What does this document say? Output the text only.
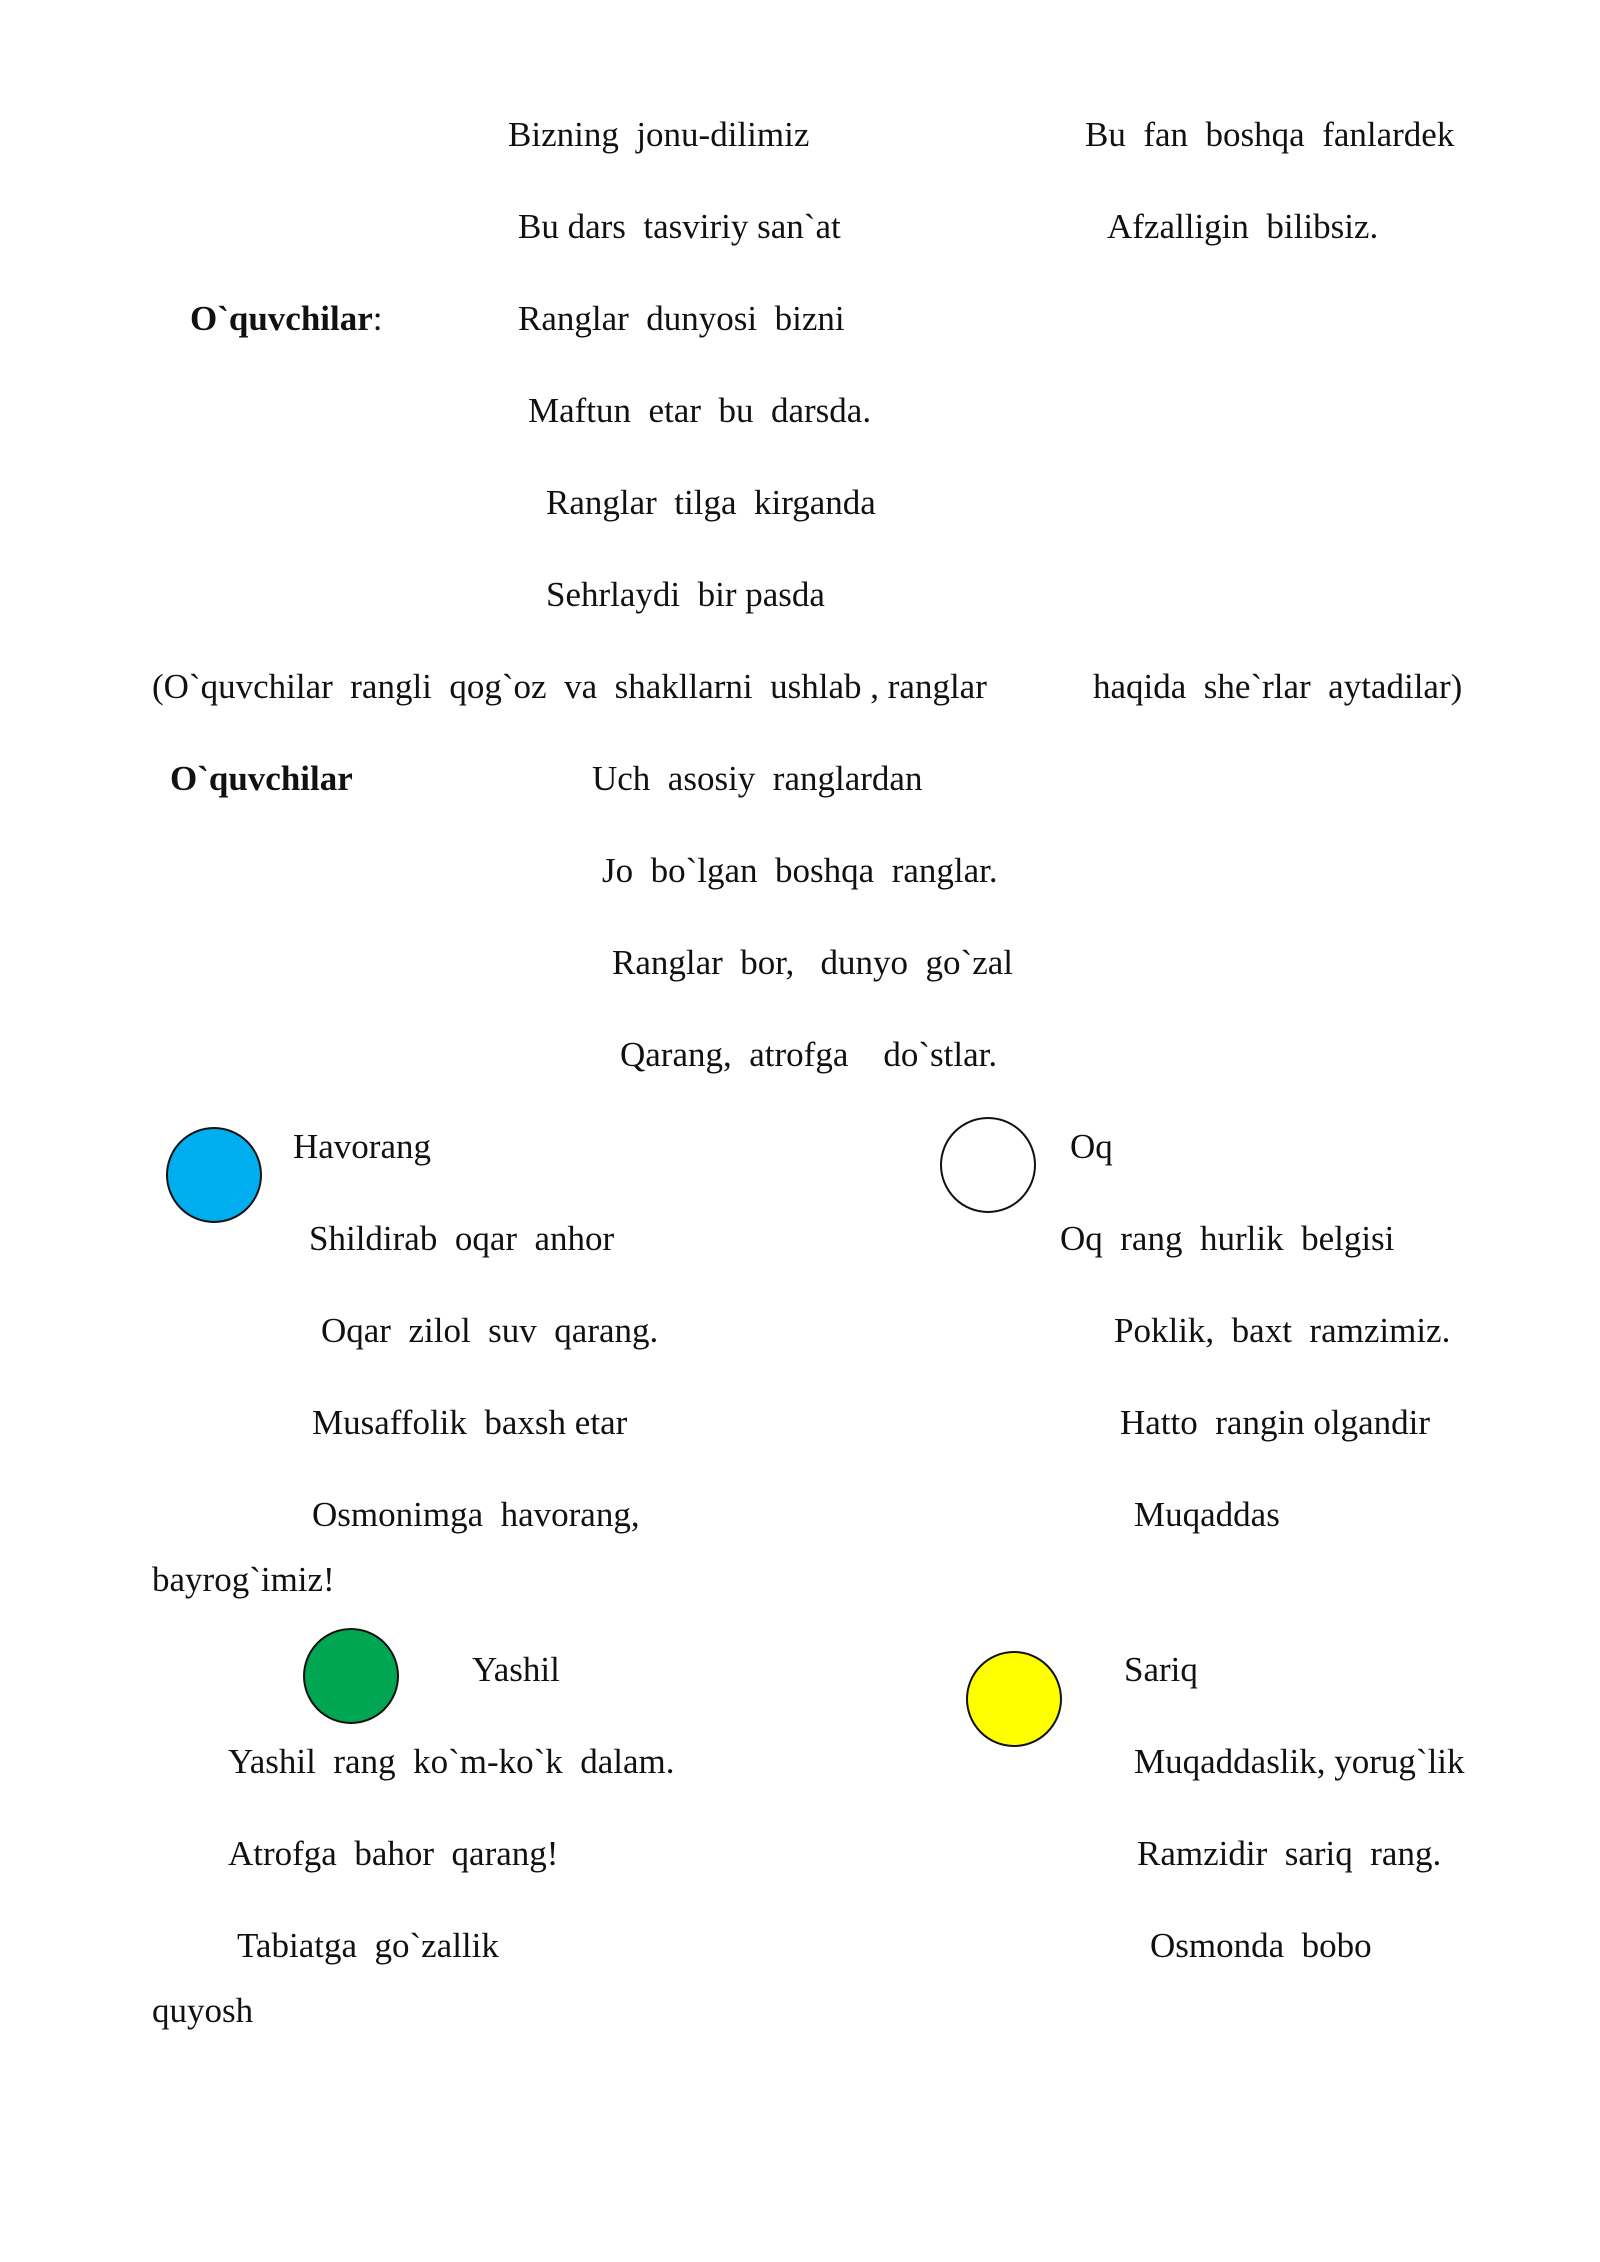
Bizning  jonu-dilimiz	Bu  fan  boshqa  fanlardek
Bu dars  tasviriy san`at	Afzalligin  bilibsiz.
O`quvchilar:	Ranglar  dunyosi  bizni
Maftun  etar  bu  darsda.
Ranglar  tilga  kirganda
Sehrlaydi  bir pasda
(O`quvchilar  rangli  qog`oz  va  shakllarni  ushlab , ranglar	haqida  she`rlar  aytadilar)
O`quvchilar	Uch  asosiy  ranglardan
Jo  bo`lgan  boshqa  ranglar.
Ranglar  bor,   dunyo  go`zal
Qarang,  atrofga    do`stlar.
Havorang
Shildirab  oqar  anhor
Oqar  zilol  suv  qarang.
Musaffolik  baxsh etar
Osmonimga  havorang,
Oq
Oq  rang  hurlik  belgisi
Poklik,  baxt  ramzimiz.
Hatto  rangin olgandir
Muqaddas
bayrog`imiz!
Yashil
Yashil  rang  ko`m-ko`k  dalam.
Atrofga  bahor  qarang!
Tabiatga  go`zallik
Sariq
Muqaddaslik, yorug`lik
Ramzidir  sariq  rang.
Osmonda  bobo
quyosh
